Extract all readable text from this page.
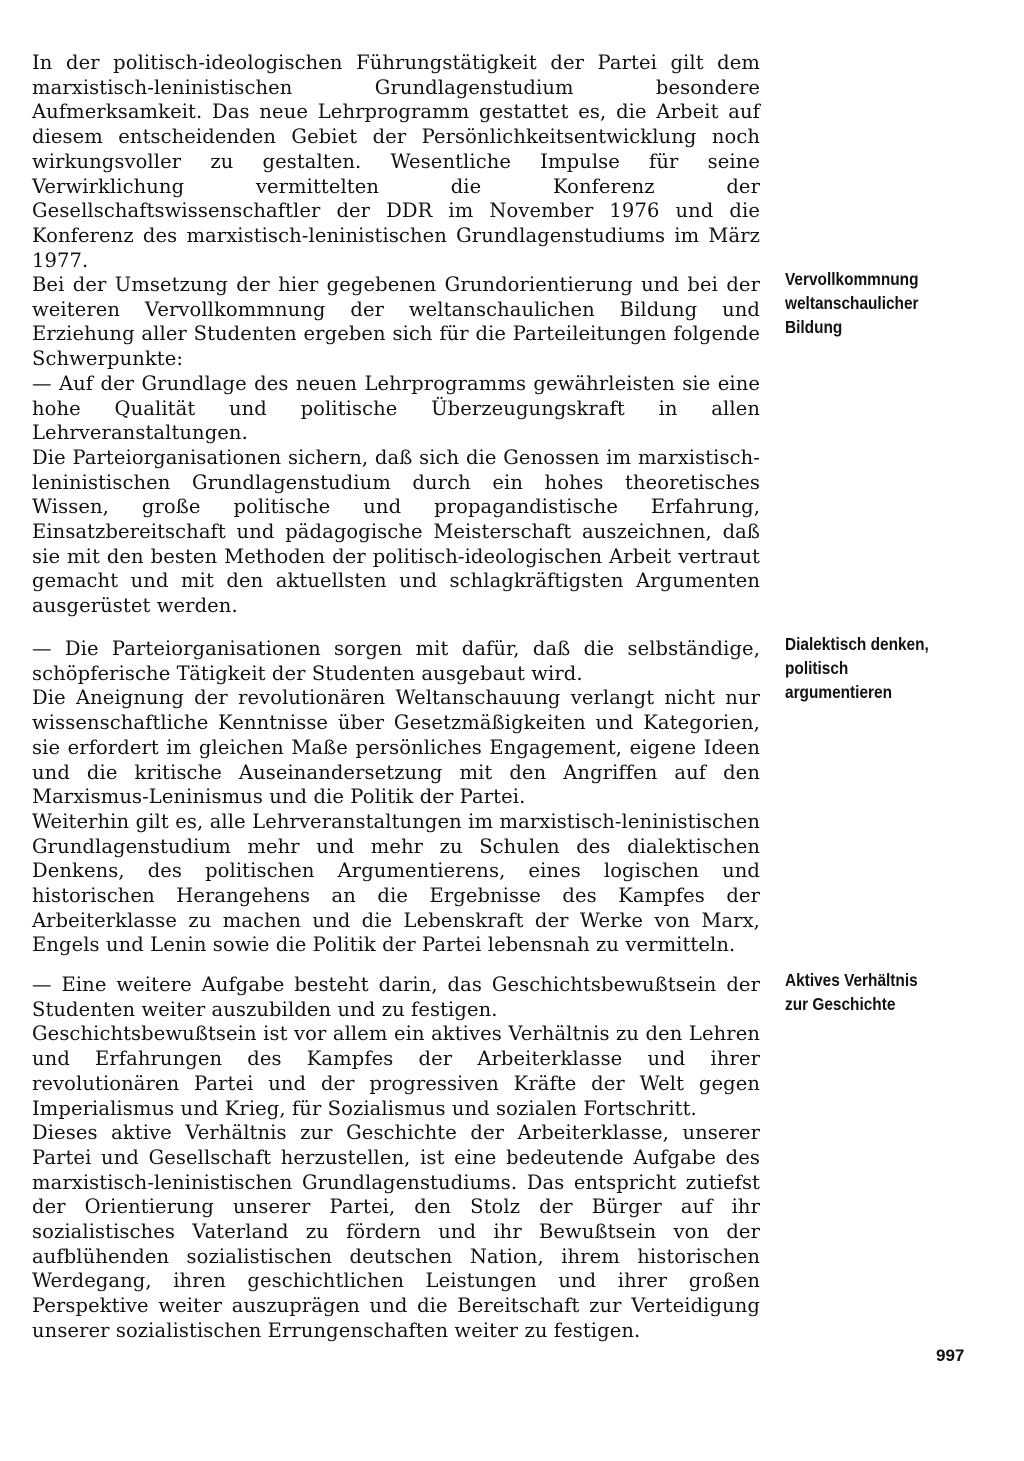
In der politisch-ideologischen Führungstätigkeit der Partei gilt dem marxistisch-leninistischen Grundlagenstudium besondere Aufmerksamkeit. Das neue Lehrprogramm gestattet es, die Arbeit auf diesem entscheidenden Gebiet der Persönlichkeitsentwicklung noch wirkungsvoller zu gestalten. Wesentliche Impulse für seine Verwirklichung vermittelten die Konferenz der Gesellschaftswissenschaftler der DDR im November 1976 und die Konferenz des marxistisch-leninistischen Grundlagenstudiums im März 1977.

Bei der Umsetzung der hier gegebenen Grundorientierung und bei der weiteren Vervollkommnung der weltanschaulichen Bildung und Erziehung aller Studenten ergeben sich für die Parteileitungen folgende Schwerpunkte:

— Auf der Grundlage des neuen Lehrprogramms gewährleisten sie eine hohe Qualität und politische Überzeugungskraft in allen Lehrveranstaltungen.

Die Parteiorganisationen sichern, daß sich die Genossen im marxistisch-leninistischen Grundlagenstudium durch ein hohes theoretisches Wissen, große politische und propagandistische Erfahrung, Einsatzbereitschaft und pädagogische Meisterschaft auszeichnen, daß sie mit den besten Methoden der politisch-ideologischen Arbeit vertraut gemacht und mit den aktuellsten und schlagkräftigsten Argumenten ausgerüstet werden.

Vervollkommnung
weltanschaulicher
Bildung

— Die Parteiorganisationen sorgen mit dafür, daß die selbständige, schöpferische Tätigkeit der Studenten ausgebaut wird.

Die Aneignung der revolutionären Weltanschauung verlangt nicht nur wissenschaftliche Kenntnisse über Gesetzmäßigkeiten und Kategorien, sie erfordert im gleichen Maße persönliches Engagement, eigene Ideen und die kritische Auseinandersetzung mit den Angriffen auf den Marxismus-Leninismus und die Politik der Partei.

Weiterhin gilt es, alle Lehrveranstaltungen im marxistisch-leninistischen Grundlagenstudium mehr und mehr zu Schulen des dialektischen Denkens, des politischen Argumentierens, eines logischen und historischen Herangehens an die Ergebnisse des Kampfes der Arbeiterklasse zu machen und die Lebenskraft der Werke von Marx, Engels und Lenin sowie die Politik der Partei lebensnah zu vermitteln.

Dialektisch denken,
politisch
argumentieren

— Eine weitere Aufgabe besteht darin, das Geschichtsbewußtsein der Studenten weiter auszubilden und zu festigen.

Geschichtsbewußtsein ist vor allem ein aktives Verhältnis zu den Lehren und Erfahrungen des Kampfes der Arbeiterklasse und ihrer revolutionären Partei und der progressiven Kräfte der Welt gegen Imperialismus und Krieg, für Sozialismus und sozialen Fortschritt.

Dieses aktive Verhältnis zur Geschichte der Arbeiterklasse, unserer Partei und Gesellschaft herzustellen, ist eine bedeutende Aufgabe des marxistisch-leninistischen Grundlagenstudiums. Das entspricht zutiefst der Orientierung unserer Partei, den Stolz der Bürger auf ihr sozialistisches Vaterland zu fördern und ihr Bewußtsein von der aufblühenden sozialistischen deutschen Nation, ihrem historischen Werdegang, ihren geschichtlichen Leistungen und ihrer großen Perspektive weiter auszuprägen und die Bereitschaft zur Verteidigung unserer sozialistischen Errungenschaften weiter zu festigen.

Aktives Verhältnis
zur Geschichte
997
